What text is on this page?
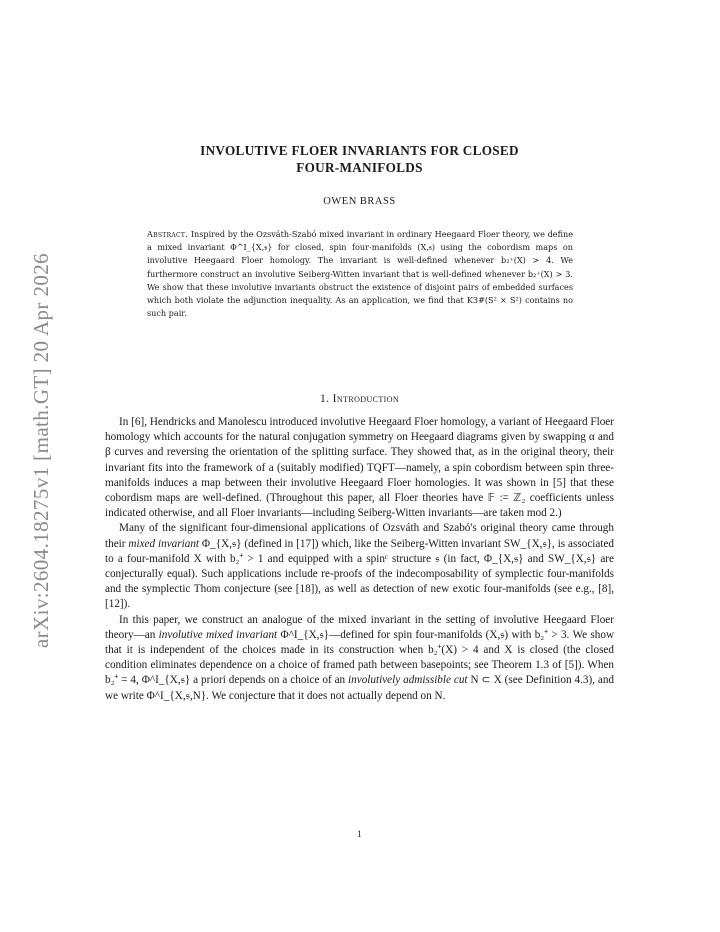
arXiv:2604.18275v1 [math.GT] 20 Apr 2026
INVOLUTIVE FLOER INVARIANTS FOR CLOSED
FOUR-MANIFOLDS
OWEN BRASS
Abstract. Inspired by the Ozsváth-Szabó mixed invariant in ordinary Heegaard Floer theory, we define a mixed invariant Φ^I_{X,𝔰} for closed, spin four-manifolds (X,𝔰) using the cobordism maps on involutive Heegaard Floer homology. The invariant is well-defined whenever b₂⁺(X) > 4. We furthermore construct an involutive Seiberg-Witten invariant that is well-defined whenever b₂⁺(X) > 3. We show that these involutive invariants obstruct the existence of disjoint pairs of embedded surfaces which both violate the adjunction inequality. As an application, we find that K3#(S² × S²) contains no such pair.
1. Introduction

In [6], Hendricks and Manolescu introduced involutive Heegaard Floer homology, a variant of Heegaard Floer homology which accounts for the natural conjugation symmetry on Heegaard diagrams given by swapping α and β curves and reversing the orientation of the splitting surface. They showed that, as in the original theory, their invariant fits into the framework of a (suitably modified) TQFT—namely, a spin cobordism between spin three-manifolds induces a map between their involutive Heegaard Floer homologies. It was shown in [5] that these cobordism maps are well-defined. (Throughout this paper, all Floer theories have 𝔽 := ℤ₂ coefficients unless indicated otherwise, and all Floer invariants—including Seiberg-Witten invariants—are taken mod 2.)

Many of the significant four-dimensional applications of Ozsváth and Szabó's original theory came through their mixed invariant Φ_{X,𝔰} (defined in [17]) which, like the Seiberg-Witten invariant SW_{X,𝔰}, is associated to a four-manifold X with b₂⁺ > 1 and equipped with a spinᶜ structure 𝔰 (in fact, Φ_{X,𝔰} and SW_{X,𝔰} are conjecturally equal). Such applications include re-proofs of the indecomposability of symplectic four-manifolds and the symplectic Thom conjecture (see [18]), as well as detection of new exotic four-manifolds (see e.g., [8], [12]).

In this paper, we construct an analogue of the mixed invariant in the setting of involutive Heegaard Floer theory—an involutive mixed invariant Φ^I_{X,𝔰}—defined for spin four-manifolds (X,𝔰) with b₂⁺ > 3. We show that it is independent of the choices made in its construction when b₂⁺(X) > 4 and X is closed (the closed condition eliminates dependence on a choice of framed path between basepoints; see Theorem 1.3 of [5]). When b₂⁺ = 4, Φ^I_{X,𝔰} a priori depends on a choice of an involutively admissible cut N ⊂ X (see Definition 4.3), and we write Φ^I_{X,𝔰,N}. We conjecture that it does not actually depend on N.

1
